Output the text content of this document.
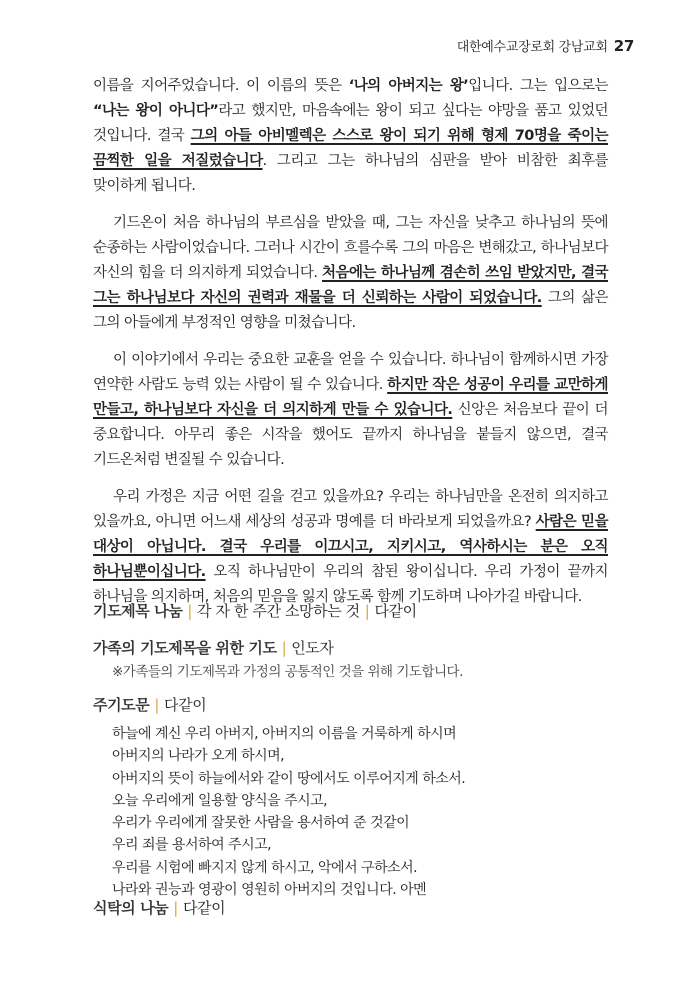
대한예수교장로회 강남교회 27

이름을 지어주었습니다. 이 이름의 뜻은 ‘나의 아버지는 왕’입니다. 그는 입으로는 “나는 왕이 아니다”라고 했지만, 마음속에는 왕이 되고 싶다는 야망을 품고 있었던 것입니다. 결국 그의 아들 아비멜렉은 스스로 왕이 되기 위해 형제 70명을 죽이는 끔찍한 일을 저질렀습니다. 그리고 그는 하나님의 심판을 받아 비참한 최후를 맞이하게 됩니다.

기드온이 처음 하나님의 부르심을 받았을 때, 그는 자신을 낮추고 하나님의 뜻에 순종하는 사람이었습니다. 그러나 시간이 흐를수록 그의 마음은 변해갔고, 하나님보다 자신의 힘을 더 의지하게 되었습니다. 처음에는 하나님께 겸손히 쓰임 받았지만, 결국 그는 하나님보다 자신의 권력과 재물을 더 신뢰하는 사람이 되었습니다. 그의 삶은 그의 아들에게 부정적인 영향을 미쳤습니다.

이 이야기에서 우리는 중요한 교훈을 얻을 수 있습니다. 하나님이 함께하시면 가장 연약한 사람도 능력 있는 사람이 될 수 있습니다. 하지만 작은 성공이 우리를 교만하게 만들고, 하나님보다 자신을 더 의지하게 만들 수 있습니다. 신앙은 처음보다 끝이 더 중요합니다. 아무리 좋은 시작을 했어도 끝까지 하나님을 붙들지 않으면, 결국 기드온처럼 변질될 수 있습니다.

우리 가정은 지금 어떤 길을 걷고 있을까요? 우리는 하나님만을 온전히 의지하고 있을까요, 아니면 어느새 세상의 성공과 명예를 더 바라보게 되었을까요? 사람은 믿을 대상이 아닙니다. 결국 우리를 이끄시고, 지키시고, 역사하시는 분은 오직 하나님뿐이십니다. 오직 하나님만이 우리의 참된 왕이십니다. 우리 가정이 끝까지 하나님을 의지하며, 처음의 믿음을 잃지 않도록 함께 기도하며 나아가길 바랍니다.

기도제목 나눔 | 각 자 한 주간 소망하는 것 | 다같이
가족의 기도제목을 위한 기도 | 인도자
※가족들의 기도제목과 가정의 공통적인 것을 위해 기도합니다.
주기도문 | 다같이
하늘에 계신 우리 아버지, 아버지의 이름을 거룩하게 하시며
아버지의 나라가 오게 하시며,
아버지의 뜻이 하늘에서와 같이 땅에서도 이루어지게 하소서.
오늘 우리에게 일용할 양식을 주시고,
우리가 우리에게 잘못한 사람을 용서하여 준 것같이
우리 죄를 용서하여 주시고,
우리를 시험에 빠지지 않게 하시고, 악에서 구하소서.
나라와 권능과 영광이 영원히 아버지의 것입니다. 아멘
식탁의 나눔 | 다같이
